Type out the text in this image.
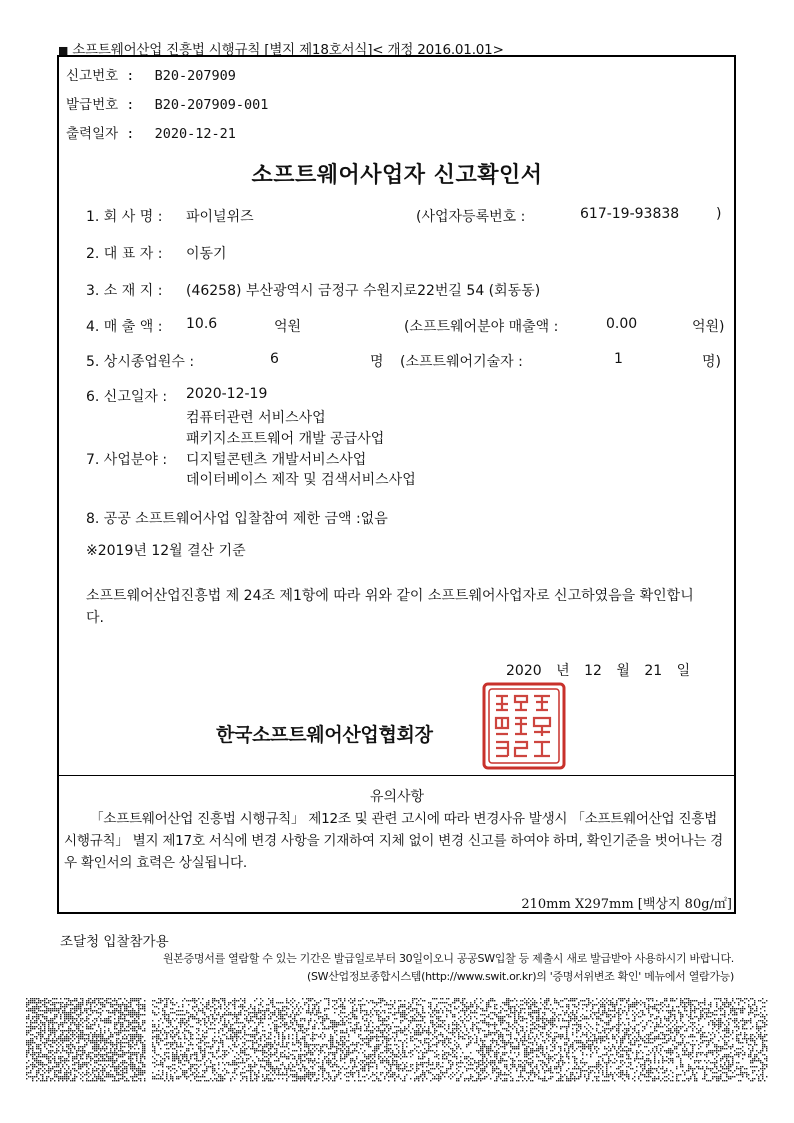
■ 소프트웨어산업 진흥법 시행규칙 [별지 제18호서식]< 개정 2016.01.01>
신고번호 : B20-207909
발급번호 : B20-207909-001
출력일자 : 2020-12-21
소프트웨어사업자 신고확인서
1. 회 사 명 : 파이널위즈	(사업자등록번호 :	617-19-93838	)
2. 대 표 자 : 이동기
3. 소 재 지 : (46258) 부산광역시 금정구 수원지로22번길 54 (회동동)
4. 매 출 액 : 10.6	억원	(소프트웨어분야 매출액 :	0.00	억원)
5. 상시종업원수 :	6	명 (소프트웨어기술자 :	1	명)
6. 신고일자 : 2020-12-19
컴퓨터관련 서비스사업
패키지소프트웨어 개발 공급사업
7. 사업분야 : 디지털콘텐츠 개발서비스사업
데이터베이스 제작 및 검색서비스사업
8. 공공 소프트웨어사업 입찰참여 제한 금액 :없음
※2019년 12월 결산 기준
소프트웨어산업진흥법 제 24조 제1항에 따라 위와 같이 소프트웨어사업자로 신고하였음을 확인합니다.
2020 년 12 월 21 일
한국소프트웨어산업협회장
유의사항
「소프트웨어산업 진흥법 시행규칙」 제12조 및 관련 고시에 따라 변경사유 발생시 「소프트웨어산업 진흥법 시행규칙」 별지 제17호 서식에 변경 사항을 기재하여 지체 없이 변경 신고를 하여야 하며, 확인기준을 벗어나는 경우 확인서의 효력은 상실됩니다.
210mm X297mm [백상지 80g/㎡]
조달청 입찰참가용
원본증명서를 열람할 수 있는 기간은 발급일로부터 30일이오니 공공SW입찰 등 제출시 새로 발급받아 사용하시기 바랍니다.
(SW산업정보종합시스템(http://www.swit.or.kr)의 '증명서위변조 확인' 메뉴에서 열람가능)
